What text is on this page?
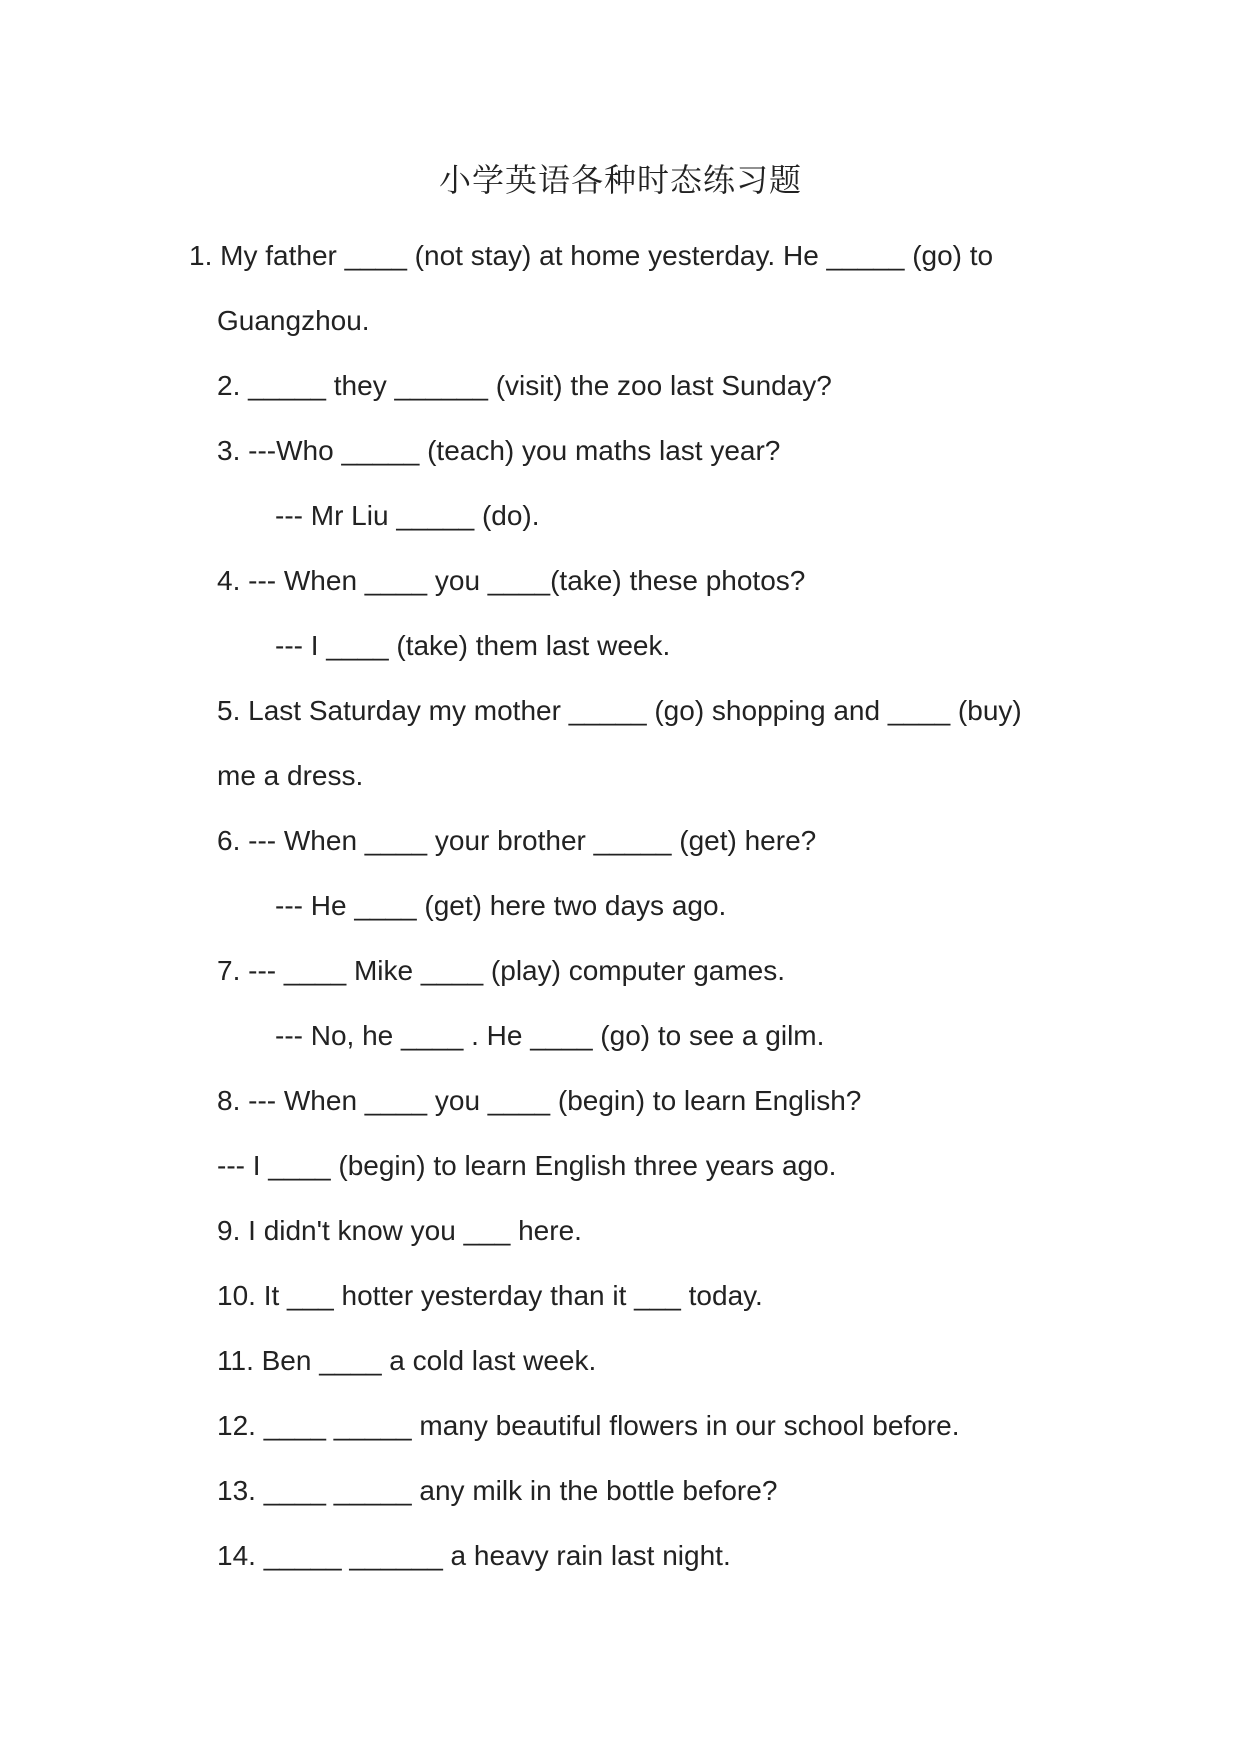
小学英语各种时态练习题
1. My father ____ (not stay) at home yesterday. He _____ (go) to
Guangzhou.
2. _____ they ______ (visit) the zoo last Sunday?
3. ---Who _____ (teach) you maths last year?
--- Mr Liu _____ (do).
4. --- When ____ you ____(take) these photos?
--- I ____ (take) them last week.
5. Last Saturday my mother _____ (go) shopping and ____ (buy)
me a dress.
6. --- When ____ your brother _____ (get) here?
--- He ____ (get) here two days ago.
7. --- ____ Mike ____ (play) computer games.
--- No, he ____ . He ____ (go) to see a gilm.
8. --- When ____ you ____ (begin) to learn English?
--- I ____ (begin) to learn English three years ago.
9. I didn't know you ___ here.
10. It ___ hotter yesterday than it ___ today.
11. Ben ____ a cold last week.
12. ____ _____ many beautiful flowers in our school before.
13. ____ _____ any milk in the bottle before?
14. _____ ______ a heavy rain last night.
